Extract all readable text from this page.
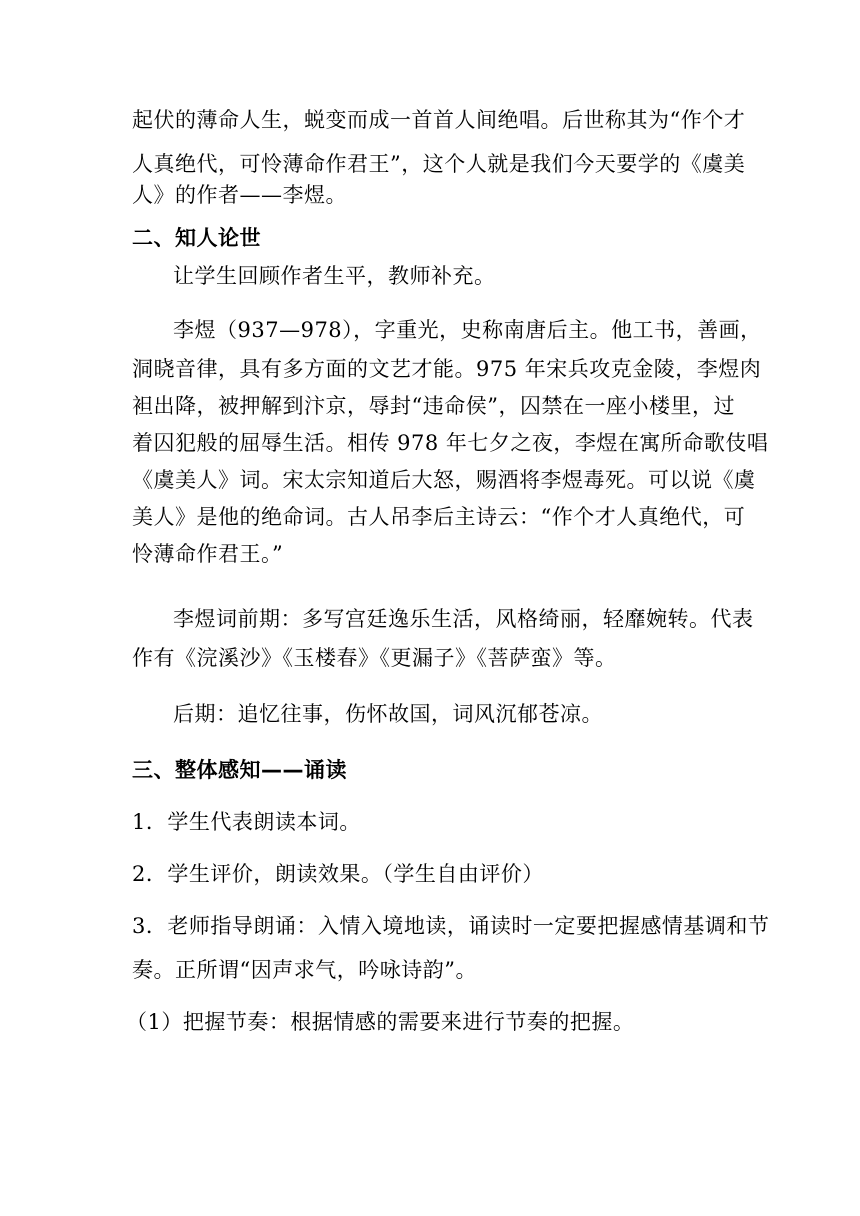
起伏的薄命人生，蜕变而成一首首人间绝唱。后世称其为“作个才
人真绝代，可怜薄命作君王”，这个人就是我们今天要学的《虞美
人》的作者——李煜。
二、知人论世
让学生回顾作者生平，教师补充。
李煜（937—978），字重光，史称南唐后主。他工书，善画，
洞晓音律，具有多方面的文艺才能。975 年宋兵攻克金陵，李煜肉
袒出降，被押解到汴京，辱封“违命侯”，囚禁在一座小楼里，过
着囚犯般的屈辱生活。相传 978 年七夕之夜，李煜在寓所命歌伎唱
《虞美人》词。宋太宗知道后大怒，赐酒将李煜毒死。可以说《虞
美人》是他的绝命词。古人吊李后主诗云：“作个才人真绝代，可
怜薄命作君王。”
李煜词前期：多写宫廷逸乐生活，风格绮丽，轻靡婉转。代表
作有《浣溪沙》《玉楼春》《更漏子》《菩萨蛮》等。
后期：追忆往事，伤怀故国，词风沉郁苍凉。
三、整体感知——诵读
1．学生代表朗读本词。
2．学生评价，朗读效果。（学生自由评价）
3．老师指导朗诵：入情入境地读，诵读时一定要把握感情基调和节
奏。正所谓“因声求气，吟咏诗韵”。
（1）把握节奏：根据情感的需要来进行节奏的把握。
